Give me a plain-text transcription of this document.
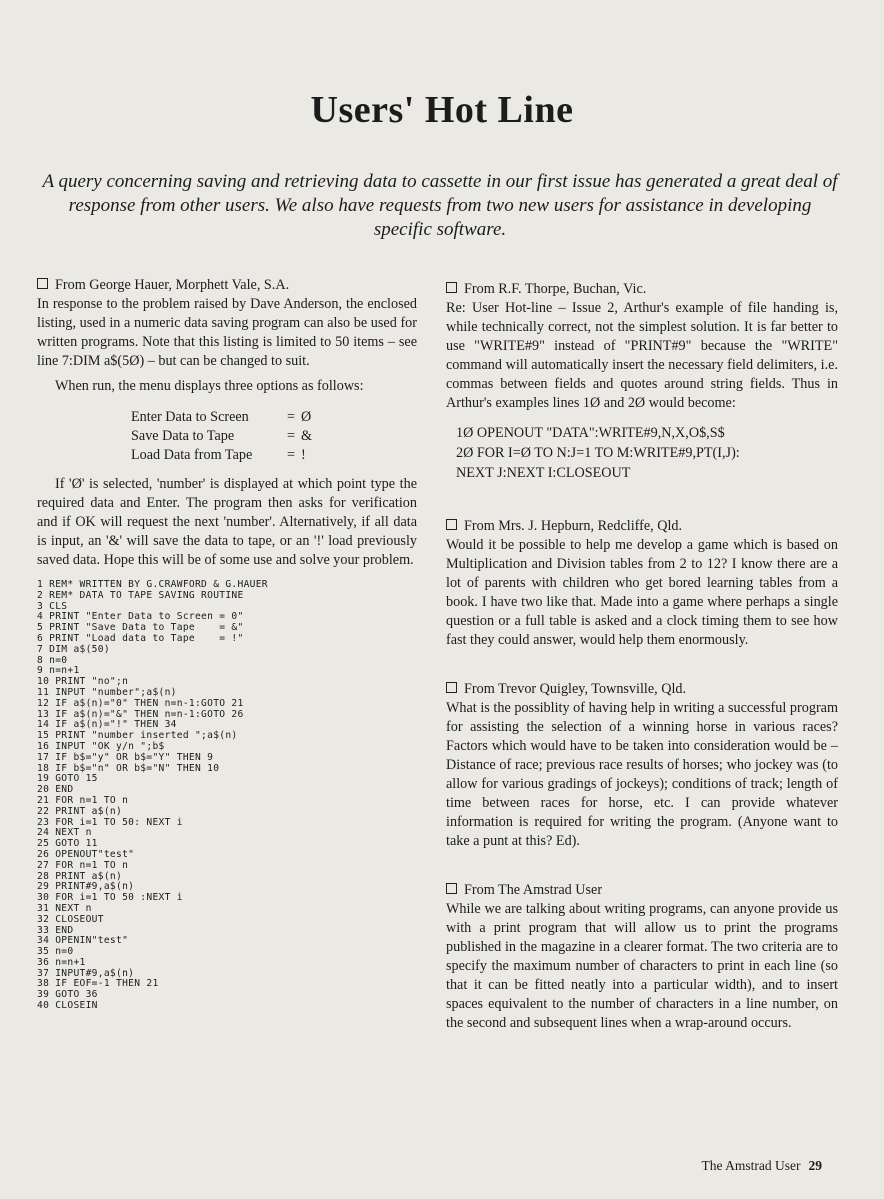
Users' Hot Line
A query concerning saving and retrieving data to cassette in our first issue has generated a great deal of response from other users. We also have requests from two new users for assistance in developing specific software.

From George Hauer, Morphett Vale, S.A.

In response to the problem raised by Dave Anderson, the enclosed listing, used in a numeric data saving program can also be used for written programs. Note that this listing is limited to 50 items – see line 7:DIM a$(5Ø) – but can be changed to suit.

When run, the menu displays three options as follows:

Enter Data to Screen	= Ø
Save Data to Tape	= &
Load Data from Tape	= !

If 'Ø' is selected, 'number' is displayed at which point type the required data and Enter. The program then asks for verification and if OK will request the next 'number'. Alternatively, if all data is input, an '&' will save the data to tape, or an '!' load previously saved data. Hope this will be of some use and solve your problem.

1 REM* WRITTEN BY G.CRAWFORD & G.HAUER
2 REM* DATA TO TAPE SAVING ROUTINE
3 CLS
4 PRINT "Enter Data to Screen = 0"
5 PRINT "Save Data to Tape    = &"
6 PRINT "Load data to Tape    = !"
7 DIM a$(50)
8 n=0
9 n=n+1
10 PRINT "no";n
11 INPUT "number";a$(n)
12 IF a$(n)="0" THEN n=n-1:GOTO 21
13 IF a$(n)="&" THEN n=n-1:GOTO 26
14 IF a$(n)="!" THEN 34
15 PRINT "number inserted ";a$(n)
16 INPUT "OK y/n ";b$
17 IF b$="y" OR b$="Y" THEN 9
18 IF b$="n" OR b$="N" THEN 10
19 GOTO 15
20 END
21 FOR n=1 TO n
22 PRINT a$(n)
23 FOR i=1 TO 50: NEXT i
24 NEXT n
25 GOTO 11
26 OPENOUT"test"
27 FOR n=1 TO n
28 PRINT a$(n)
29 PRINT#9,a$(n)
30 FOR i=1 TO 50 :NEXT i
31 NEXT n
32 CLOSEOUT
33 END
34 OPENIN"test"
35 n=0
36 n=n+1
37 INPUT#9,a$(n)
38 IF EOF=-1 THEN 21
39 GOTO 36
40 CLOSEIN

From R.F. Thorpe, Buchan, Vic.

Re: User Hot-line – Issue 2, Arthur's example of file handing is, while technically correct, not the simplest solution. It is far better to use "WRITE#9" instead of "PRINT#9" because the "WRITE" command will automatically insert the necessary field delimiters, i.e. commas between fields and quotes around string fields. Thus in Arthur's examples lines 1Ø and 2Ø would become:

1Ø OPENOUT "DATA":WRITE#9,N,X,O$,S$
2Ø FOR I=Ø TO N:J=1 TO M:WRITE#9,PT(I,J):
NEXT J:NEXT I:CLOSEOUT

From Mrs. J. Hepburn, Redcliffe, Qld.

Would it be possible to help me develop a game which is based on Multiplication and Division tables from 2 to 12? I know there are a lot of parents with children who get bored learning tables from a book. I have two like that. Made into a game where perhaps a single question or a full table is asked and a clock timing them to see how fast they could answer, would help them enormously.

From Trevor Quigley, Townsville, Qld.

What is the possiblity of having help in writing a successful program for assisting the selection of a winning horse in various races? Factors which would have to be taken into consideration would be – Distance of race; previous race results of horses; who jockey was (to allow for various gradings of jockeys); conditions of track; length of time between races for horse, etc. I can provide whatever information is required for writing the program. (Anyone want to take a punt at this? Ed).

From The Amstrad User

While we are talking about writing programs, can anyone provide us with a print program that will allow us to print the programs published in the magazine in a clearer format. The two criteria are to specify the maximum number of characters to print in each line (so that it can be fitted neatly into a particular width), and to insert spaces equivalent to the number of characters in a line number, on the second and subsequent lines when a wrap-around occurs.

The Amstrad User 29
